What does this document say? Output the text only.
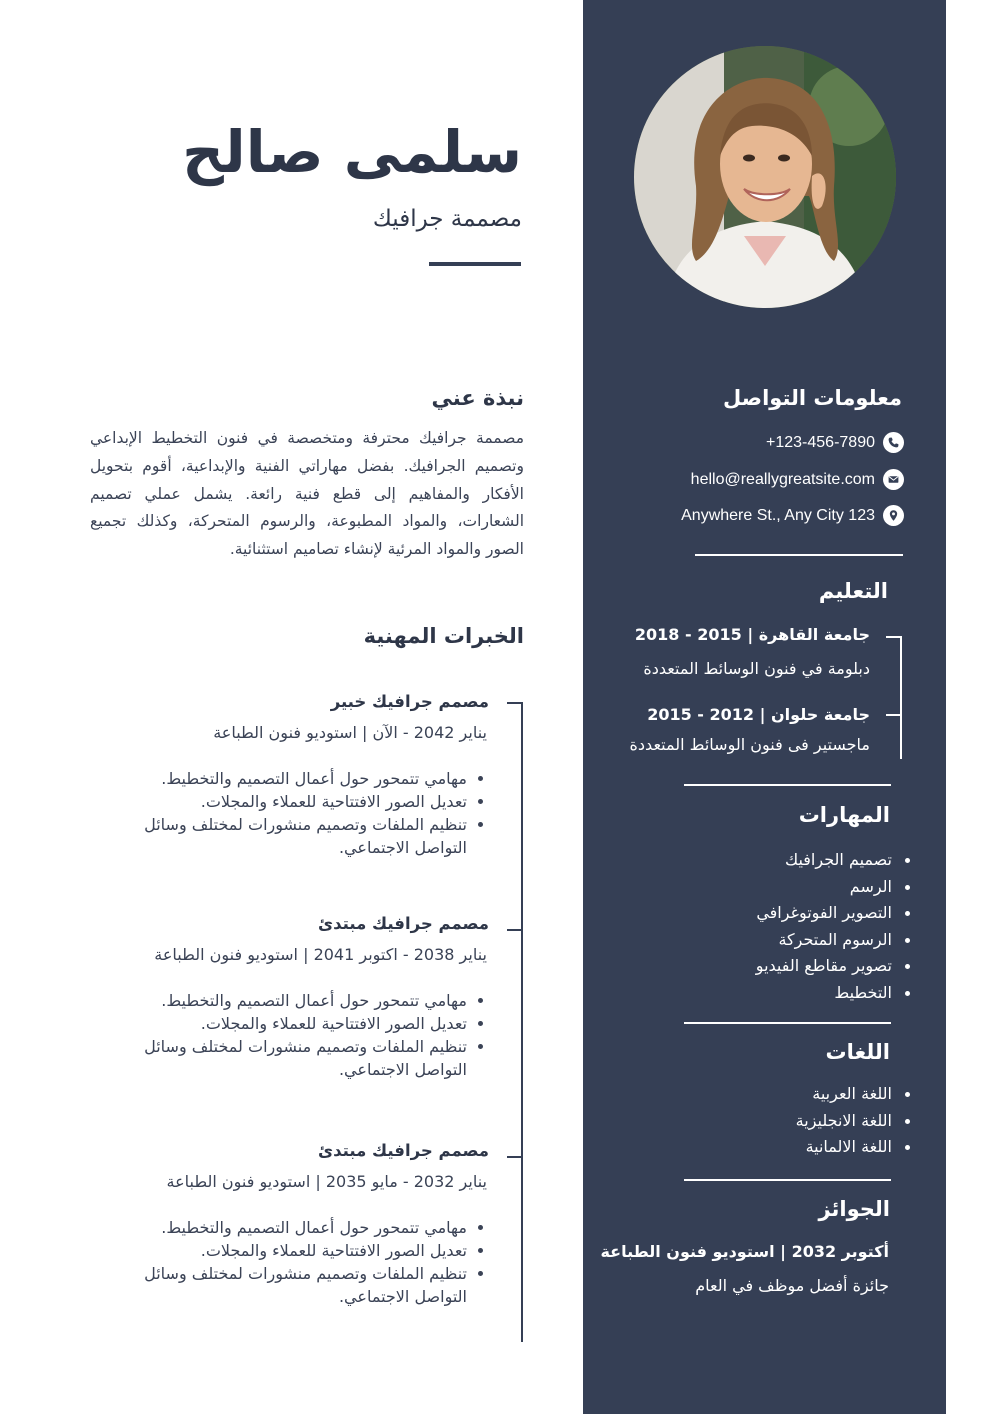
معلومات التواصل
+123-456-7890
hello@reallygreatsite.com
Anywhere St., Any City 123
التعليم
جامعة القاهرة | 2015 - 2018
دبلومة في فنون الوسائط المتعددة
جامعة حلوان | 2012 - 2015
ماجستير فى فنون الوسائط المتعددة
المهارات
تصميم الجرافيك
الرسم
التصوير الفوتوغرافي
الرسوم المتحركة
تصوير مقاطع الفيديو
التخطيط
اللغات
اللغة العربية
اللغة الانجليزية
اللغة الالمانية
الجوائز
أكتوبر 2032 | استوديو فنون الطباعة
جائزة أفضل موظف في العام
سلمى صالح
مصممة جرافيك
نبذة عني

مصممة جرافيك محترفة ومتخصصة في فنون التخطيط الإبداعي وتصميم الجرافيك. بفضل مهاراتي الفنية والإبداعية، أقوم بتحويل الأفكار والمفاهيم إلى قطع فنية رائعة. يشمل عملي تصميم الشعارات، والمواد المطبوعة، والرسوم المتحركة، وكذلك تجميع الصور والمواد المرئية لإنشاء تصاميم استثنائية.

الخبرات المهنية
مصمم جرافيك خبير
يناير 2042 - الآن | استوديو فنون الطباعة
مهامي تتمحور حول أعمال التصميم والتخطيط.
تعديل الصور الافتتاحية للعملاء والمجلات.
تنظيم الملفات وتصميم منشورات لمختلف وسائل التواصل الاجتماعي.
مصمم جرافيك مبتدئ
يناير 2038 - اكتوبر 2041 | استوديو فنون الطباعة
مهامي تتمحور حول أعمال التصميم والتخطيط.
تعديل الصور الافتتاحية للعملاء والمجلات.
تنظيم الملفات وتصميم منشورات لمختلف وسائل التواصل الاجتماعي.
مصمم جرافيك مبتدئ
يناير 2032 - مايو 2035 | استوديو فنون الطباعة
مهامي تتمحور حول أعمال التصميم والتخطيط.
تعديل الصور الافتتاحية للعملاء والمجلات.
تنظيم الملفات وتصميم منشورات لمختلف وسائل التواصل الاجتماعي.
